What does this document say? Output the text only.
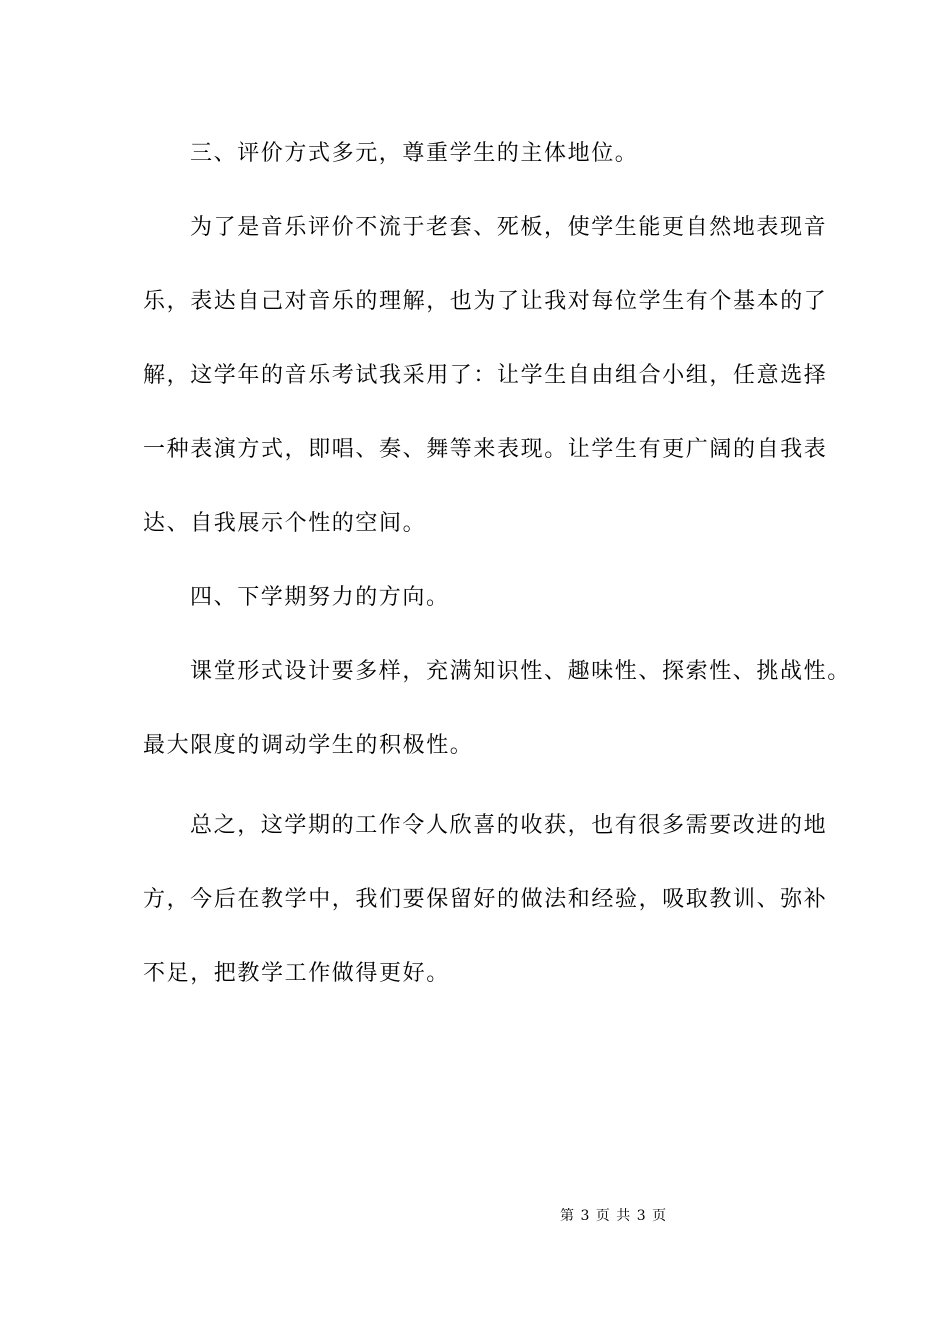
三、评价方式多元，尊重学生的主体地位。
为了是音乐评价不流于老套、死板，使学生能更自然地表现音
乐，表达自己对音乐的理解，也为了让我对每位学生有个基本的了
解，这学年的音乐考试我采用了：让学生自由组合小组，任意选择
一种表演方式，即唱、奏、舞等来表现。让学生有更广阔的自我表
达、自我展示个性的空间。
四、下学期努力的方向。
课堂形式设计要多样，充满知识性、趣味性、探索性、挑战性。
最大限度的调动学生的积极性。
总之，这学期的工作令人欣喜的收获，也有很多需要改进的地
方，今后在教学中，我们要保留好的做法和经验，吸取教训、弥补
不足，把教学工作做得更好。
第 3 页 共 3 页
